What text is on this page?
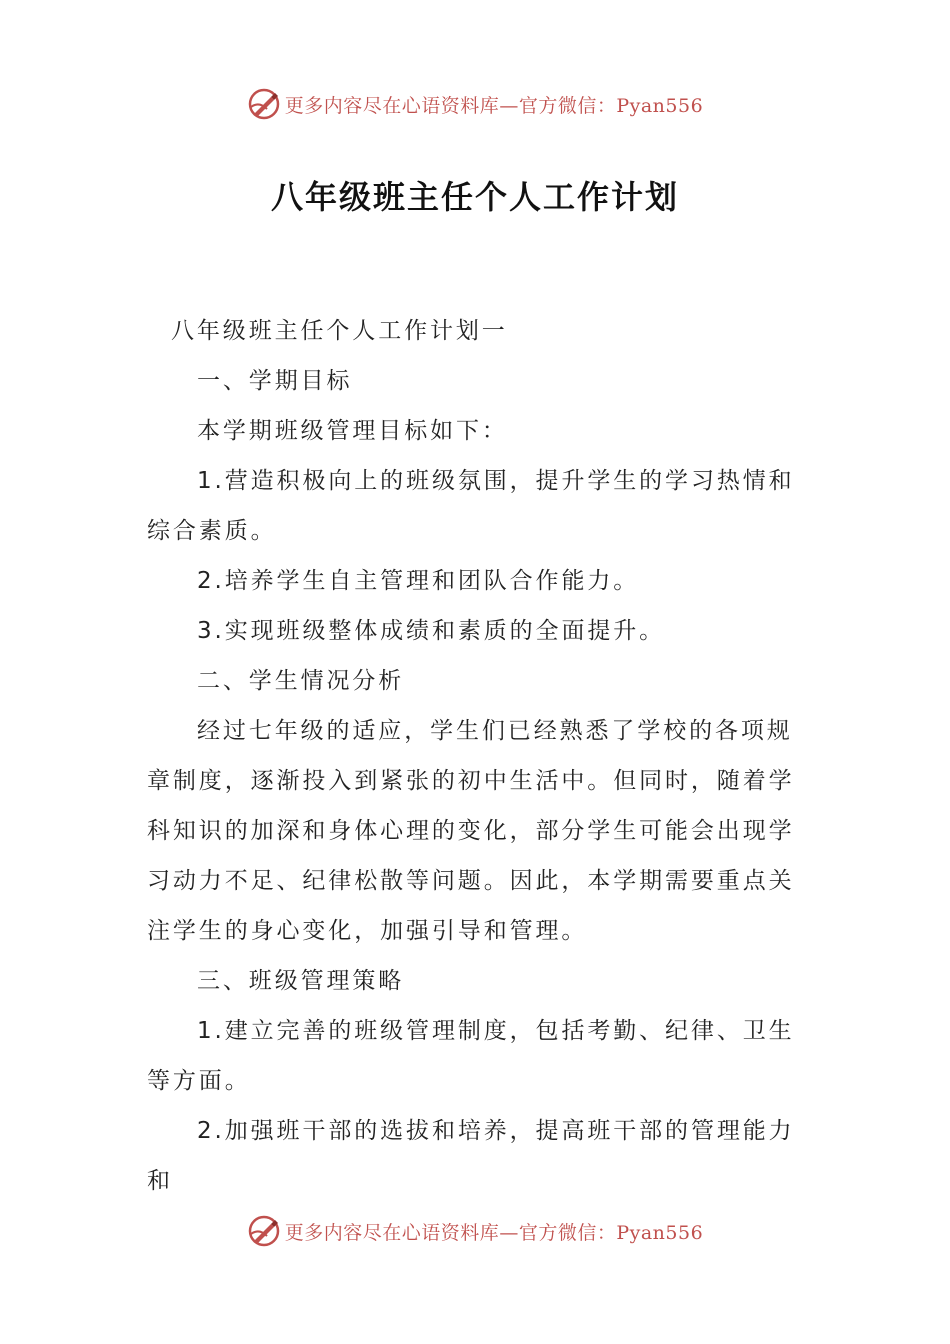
更多内容尽在心语资料库—官方微信：Pyan556
八年级班主任个人工作计划

八年级班主任个人工作计划一

一、学期目标

本学期班级管理目标如下：

1.营造积极向上的班级氛围，提升学生的学习热情和综合素质。

2.培养学生自主管理和团队合作能力。

3.实现班级整体成绩和素质的全面提升。

二、学生情况分析

经过七年级的适应，学生们已经熟悉了学校的各项规章制度，逐渐投入到紧张的初中生活中。但同时，随着学科知识的加深和身体心理的变化，部分学生可能会出现学习动力不足、纪律松散等问题。因此，本学期需要重点关注学生的身心变化，加强引导和管理。

三、班级管理策略

1.建立完善的班级管理制度，包括考勤、纪律、卫生等方面。

2.加强班干部的选拔和培养，提高班干部的管理能力和

更多内容尽在心语资料库—官方微信：Pyan556
